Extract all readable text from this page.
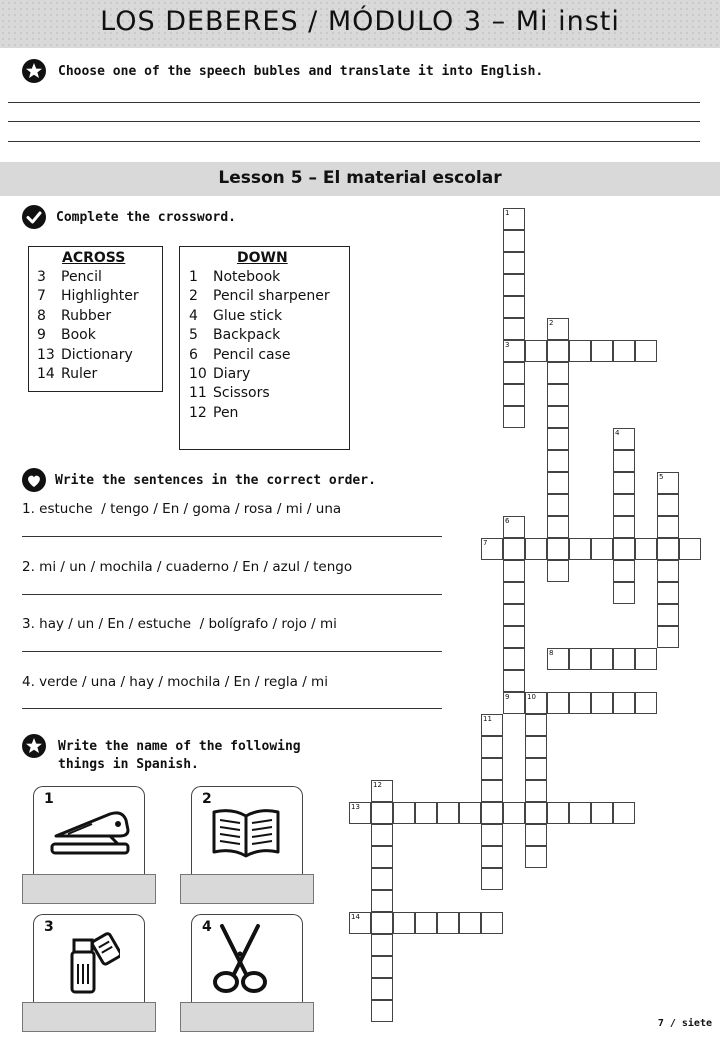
LOS DEBERES / MÓDULO 3 – Mi insti
Choose one of the speech bubles and translate it into English.
Lesson 5 – El material escolar
Complete the crossword.
ACROSS
3 Pencil
7 Highlighter
8 Rubber
9 Book
13 Dictionary
14 Ruler
DOWN
1 Notebook
2 Pencil sharpener
4 Glue stick
5 Backpack
6 Pencil case
10 Diary
11 Scissors
12 Pen
Write the sentences in the correct order.
1. estuche  / tengo / En / goma / rosa / mi / una
2. mi / un / mochila / cuaderno / En / azul / tengo
3. hay / un / En / estuche  / bolígrafo / rojo / mi
4. verde / una / hay / mochila / En / regla / mi
Write the name of the following
things in Spanish.
1	2
3	4
1
2
3
4
5
6
7
8
9	10
11
12
13
14
7 / siete
